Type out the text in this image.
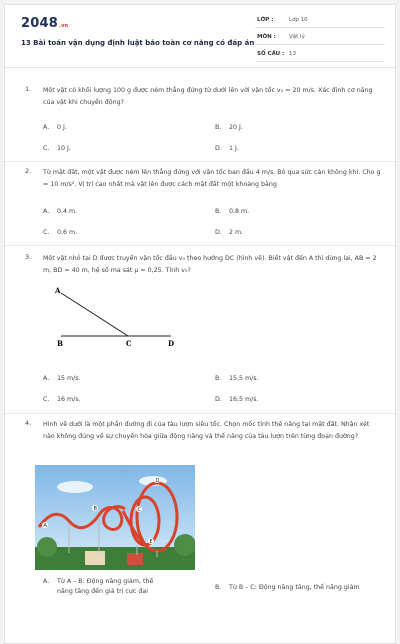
2048.vn
13 Bài toán vận dụng định luật bảo toàn cơ năng có đáp án
LỚP :	Lớp 10
MÔN : Vật lý
SỐ CÂU : 13
1. Một vật có khối lượng 100 g được ném thẳng đứng từ dưới lên với vận tốc v₀ = 20 m/s. Xác định cơ năng của vật khi chuyển động?
A. 0 J.	B. 20 J.
C. 10 J.	D. 1 J.
2. Từ mặt đất, một vật được ném lên thẳng đứng với vận tốc ban đầu 4 m/s. Bỏ qua sức cản không khí. Cho g = 10 m/s². Vị trí cao nhất mà vật lên được cách mặt đất một khoảng bằng
A. 0,4 m.	B. 0,8 m.
C. 0,6 m.	D. 2 m.
3. Một vật nhỏ tại D được truyền vận tốc đầu v₀ theo hướng DC (hình vẽ). Biết vật đến A thì dừng lại, AB = 2 m, BD = 40 m, hệ số ma sát μ = 0,25. Tính v₀?
A
B	C	D
A. 15 m/s.	B. 15,5 m/s.
C. 16 m/s.	D. 16,5 m/s.
4. Hình vẽ dưới là một phần đường đi của tàu lượn siêu tốc. Chọn mốc tính thế năng tại mặt đất. Nhận xét nào không đúng về sự chuyển hóa giữa động năng và thế năng của tàu lượn trên từng đoạn đường?
A. Từ A – B: Động năng giảm, thế năng tăng đến giá trị cực đại
B. Từ B – C: Động năng tăng, thế năng giảm
A
B
D
C
E
